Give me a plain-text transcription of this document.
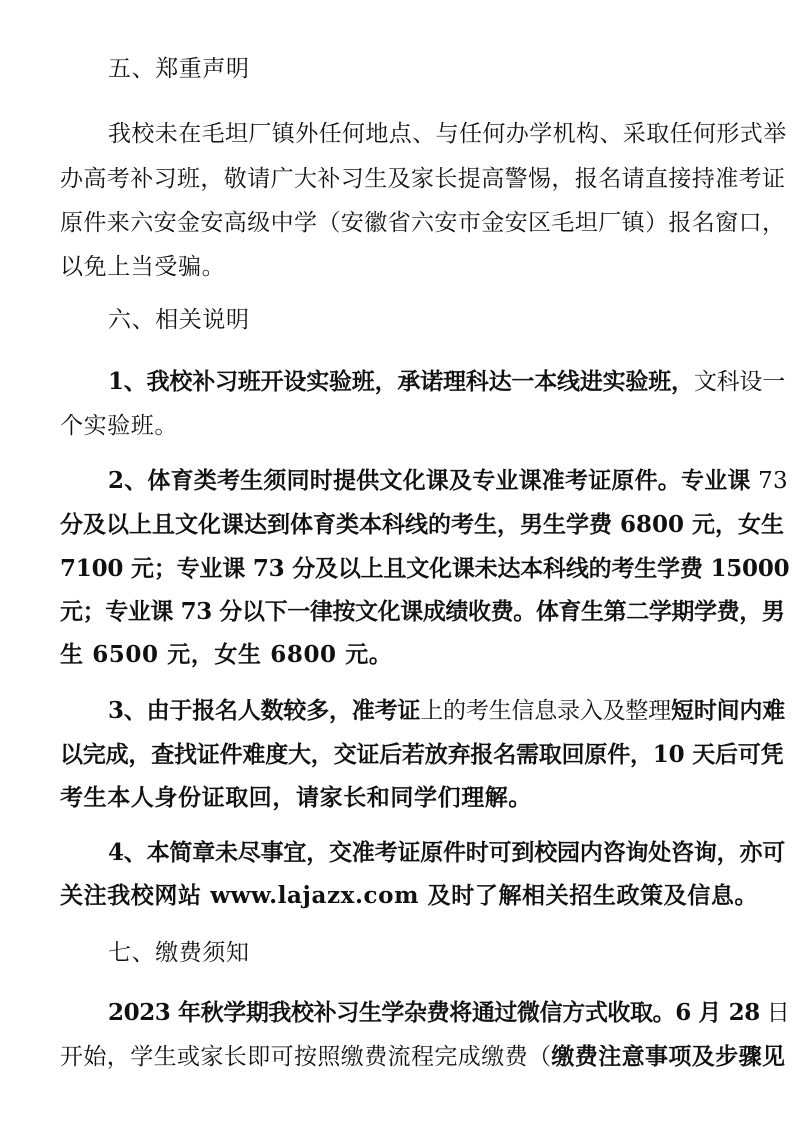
五、郑重声明
我校未在毛坦厂镇外任何地点、与任何办学机构、采取任何形式举
办高考补习班，敬请广大补习生及家长提高警惕，报名请直接持准考证
原件来六安金安高级中学（安徽省六安市金安区毛坦厂镇）报名窗口，
以免上当受骗。
六、相关说明
1、我校补习班开设实验班，承诺理科达一本线进实验班，文科设一
个实验班。
2、体育类考生须同时提供文化课及专业课准考证原件。专业课 73
分及以上且文化课达到体育类本科线的考生，男生学费 6800 元，女生
7100 元；专业课 73 分及以上且文化课未达本科线的考生学费 15000
元；专业课 73 分以下一律按文化课成绩收费。体育生第二学期学费，男
生 6500 元，女生 6800 元。
3、由于报名人数较多，准考证上的考生信息录入及整理短时间内难
以完成，查找证件难度大，交证后若放弃报名需取回原件，10 天后可凭
考生本人身份证取回，请家长和同学们理解。
4、本简章未尽事宜，交准考证原件时可到校园内咨询处咨询，亦可
关注我校网站 www.lajazx.com 及时了解相关招生政策及信息。
七、缴费须知
2023 年秋学期我校补习生学杂费将通过微信方式收取。6 月 28 日
开始，学生或家长即可按照缴费流程完成缴费（缴费注意事项及步骤见
